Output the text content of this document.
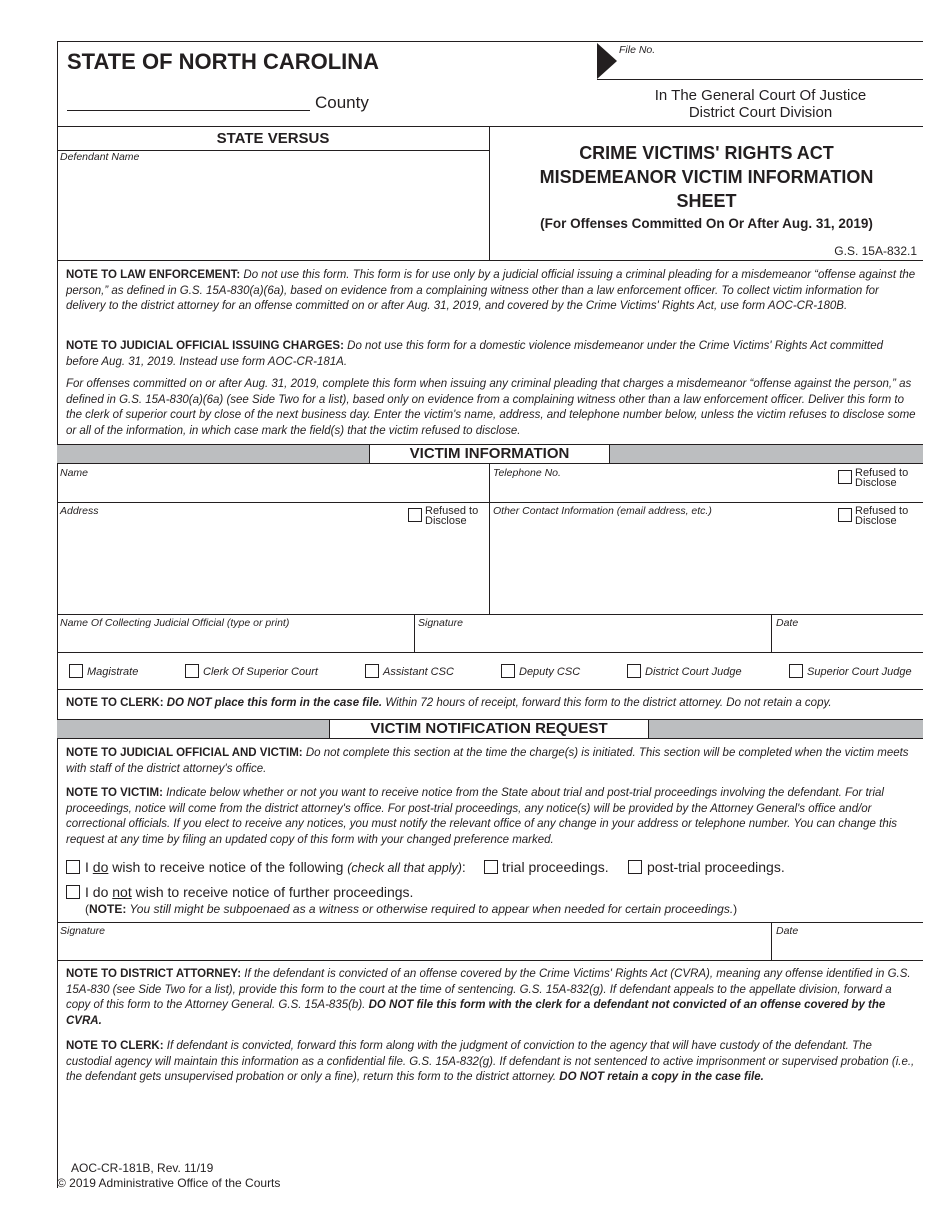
STATE OF NORTH CAROLINA
County
File No.
In The General Court Of Justice
District Court Division
STATE VERSUS
Defendant Name	CRIME VICTIMS' RIGHTS ACT
MISDEMEANOR VICTIM INFORMATION
SHEET
(For Offenses Committed On Or After Aug. 31, 2019)
G.S. 15A-832.1
NOTE TO LAW ENFORCEMENT: Do not use this form. This form is for use only by a judicial official issuing a criminal pleading for a misdemeanor “offense against the person,” as defined in G.S. 15A-830(a)(6a), based on evidence from a complaining witness other than a law enforcement officer. To collect victim information for delivery to the district attorney for an offense committed on or after Aug. 31, 2019, and covered by the Crime Victims' Rights Act, use form AOC-CR-180B.
NOTE TO JUDICIAL OFFICIAL ISSUING CHARGES: Do not use this form for a domestic violence misdemeanor under the Crime Victims' Rights Act committed before Aug. 31, 2019. Instead use form AOC-CR-181A.
For offenses committed on or after Aug. 31, 2019, complete this form when issuing any criminal pleading that charges a misdemeanor “offense against the person,” as defined in G.S. 15A-830(a)(6a) (see Side Two for a list), based only on evidence from a complaining witness other than a law enforcement officer. Deliver this form to the clerk of superior court by close of the next business day. Enter the victim's name, address, and telephone number below, unless the victim refuses to disclose some or all of the information, in which case mark the field(s) that the victim refused to disclose.
VICTIM INFORMATION
Name	Telephone No.	Refused to
Disclose
Address	Refused to
Disclose
Other Contact Information (email address, etc.)	Refused to
Disclose
Name Of Collecting Judicial Official (type or print)	Signature	Date
Magistrate	Clerk Of Superior Court	Assistant CSC	Deputy CSC	District Court Judge	Superior Court Judge
NOTE TO CLERK: DO NOT place this form in the case file. Within 72 hours of receipt, forward this form to the district attorney. Do not retain a copy.
VICTIM NOTIFICATION REQUEST
NOTE TO JUDICIAL OFFICIAL AND VICTIM: Do not complete this section at the time the charge(s) is initiated. This section will be completed when the victim meets with staff of the district attorney's office.
NOTE TO VICTIM: Indicate below whether or not you want to receive notice from the State about trial and post-trial proceedings involving the defendant. For trial proceedings, notice will come from the district attorney's office. For post-trial proceedings, any notice(s) will be provided by the Attorney General's office and/or correctional officials. If you elect to receive any notices, you must notify the relevant office of any change in your address or telephone number. You can change this request at any time by filing an updated copy of this form with your changed preference marked.
I do wish to receive notice of the following (check all that apply):	trial proceedings.	post-trial proceedings.
I do not wish to receive notice of further proceedings.
(NOTE: You still might be subpoenaed as a witness or otherwise required to appear when needed for certain proceedings.)
Signature	Date
NOTE TO DISTRICT ATTORNEY: If the defendant is convicted of an offense covered by the Crime Victims' Rights Act (CVRA), meaning any offense identified in G.S. 15A-830 (see Side Two for a list), provide this form to the court at the time of sentencing. G.S. 15A-832(g). If defendant appeals to the appellate division, forward a copy of this form to the Attorney General. G.S. 15A-835(b). DO NOT file this form with the clerk for a defendant not convicted of an offense covered by the CVRA.
NOTE TO CLERK: If defendant is convicted, forward this form along with the judgment of conviction to the agency that will have custody of the defendant. The custodial agency will maintain this information as a confidential file. G.S. 15A-832(g). If defendant is not sentenced to active imprisonment or supervised probation (i.e., the defendant gets unsupervised probation or only a fine), return this form to the district attorney. DO NOT retain a copy in the case file.
AOC-CR-181B, Rev. 11/19
© 2019 Administrative Office of the Courts
